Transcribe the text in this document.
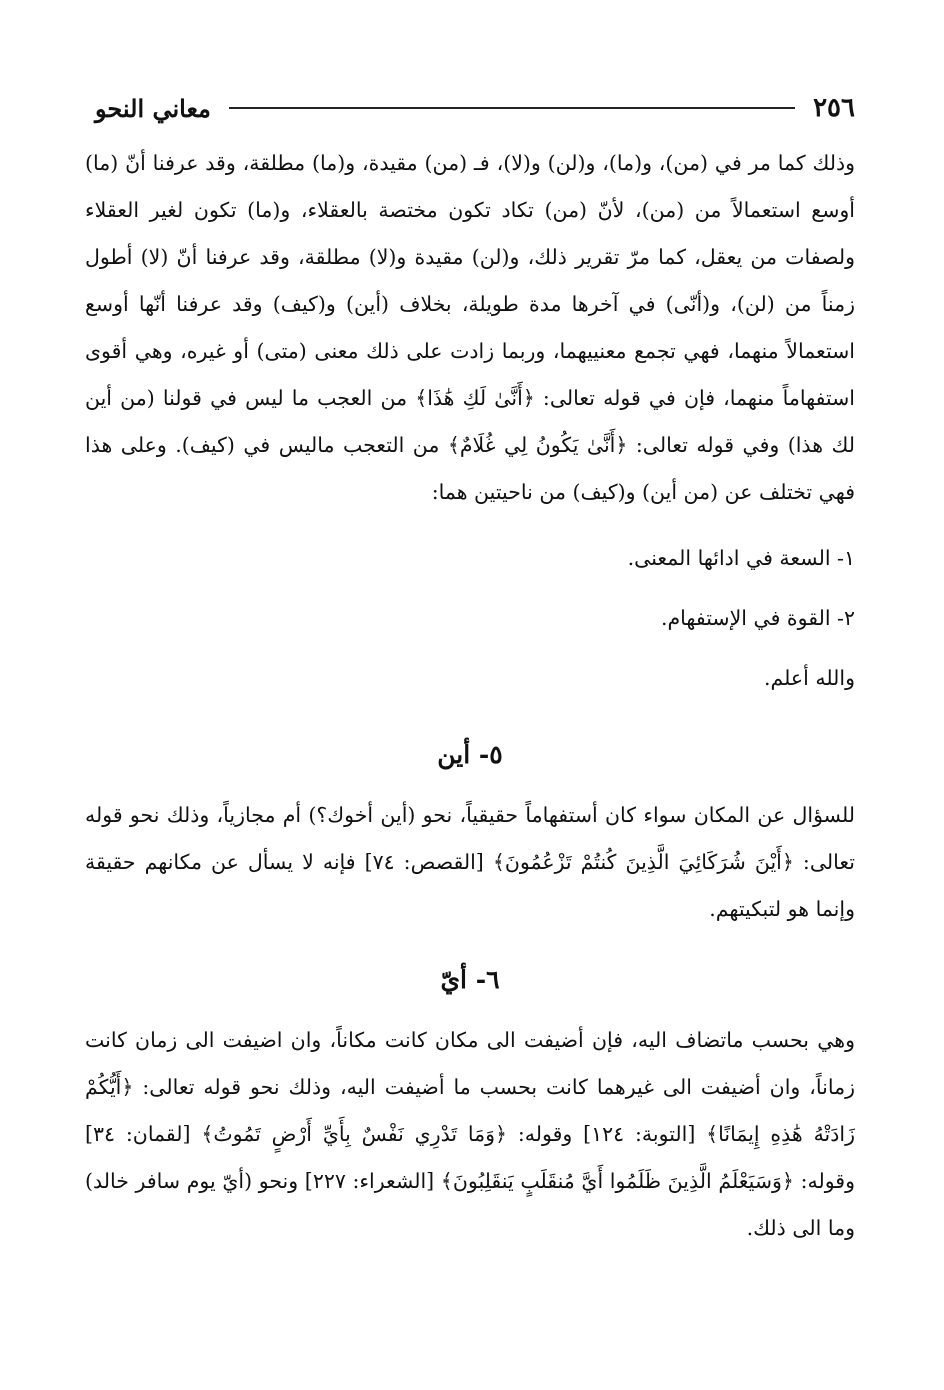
٢٥٦
معاني النحو

وذلك كما مر في (من)، و(ما)، و(لن) و(لا)، فـ (من) مقيدة، و(ما) مطلقة، وقد عرفنا أنّ (ما) أوسع استعمالاً من (من)، لأنّ (من) تكاد تكون مختصة بالعقلاء، و(ما) تكون لغير العقلاء ولصفات من يعقل، كما مرّ تقرير ذلك، و(لن) مقيدة و(لا) مطلقة، وقد عرفنا أنّ (لا) أطول زمناً من (لن)، و(أنّى) في آخرها مدة طويلة، بخلاف (أين) و(كيف) وقد عرفنا أنّها أوسع استعمالاً منهما، فهي تجمع معنييهما، وربما زادت على ذلك معنى (متى) أو غيره، وهي أقوى استفهاماً منهما، فإن في قوله تعالى: ﴿أَنَّىٰ لَكِ هَٰذَا﴾ من العجب ما ليس في قولنا (من أين لك هذا) وفي قوله تعالى: ﴿أَنَّىٰ يَكُونُ لِي غُلَامٌ﴾ من التعجب ماليس في (كيف). وعلى هذا فهي تختلف عن (من أين) و(كيف) من ناحيتين هما:

١- السعة في ادائها المعنى.

٢- القوة في الإستفهام.

والله أعلم.

٥- أين

للسؤال عن المكان سواء كان أستفهاماً حقيقياً، نحو (أين أخوك؟) أم مجازياً، وذلك نحو قوله تعالى: ﴿أَيْنَ شُرَكَائِيَ الَّذِينَ كُنتُمْ تَزْعُمُونَ﴾ [القصص: ٧٤] فإنه لا يسأل عن مكانهم حقيقة وإنما هو لتبكيتهم.

٦- أيّ

وهي بحسب ماتضاف اليه، فإن أضيفت الى مكان كانت مكاناً، وان اضيفت الى زمان كانت زماناً، وان أضيفت الى غيرهما كانت بحسب ما أضيفت اليه، وذلك نحو قوله تعالى: ﴿أَيُّكُمْ زَادَتْهُ هَٰذِهِ إِيمَانًا﴾ [التوبة: ١٢٤] وقوله: ﴿وَمَا تَدْرِي نَفْسٌ بِأَيِّ أَرْضٍ تَمُوتُ﴾ [لقمان: ٣٤] وقوله: ﴿وَسَيَعْلَمُ الَّذِينَ ظَلَمُوا أَيَّ مُنقَلَبٍ يَنقَلِبُونَ﴾ [الشعراء: ٢٢٧] ونحو (أيّ يوم سافر خالد) وما الى ذلك.
